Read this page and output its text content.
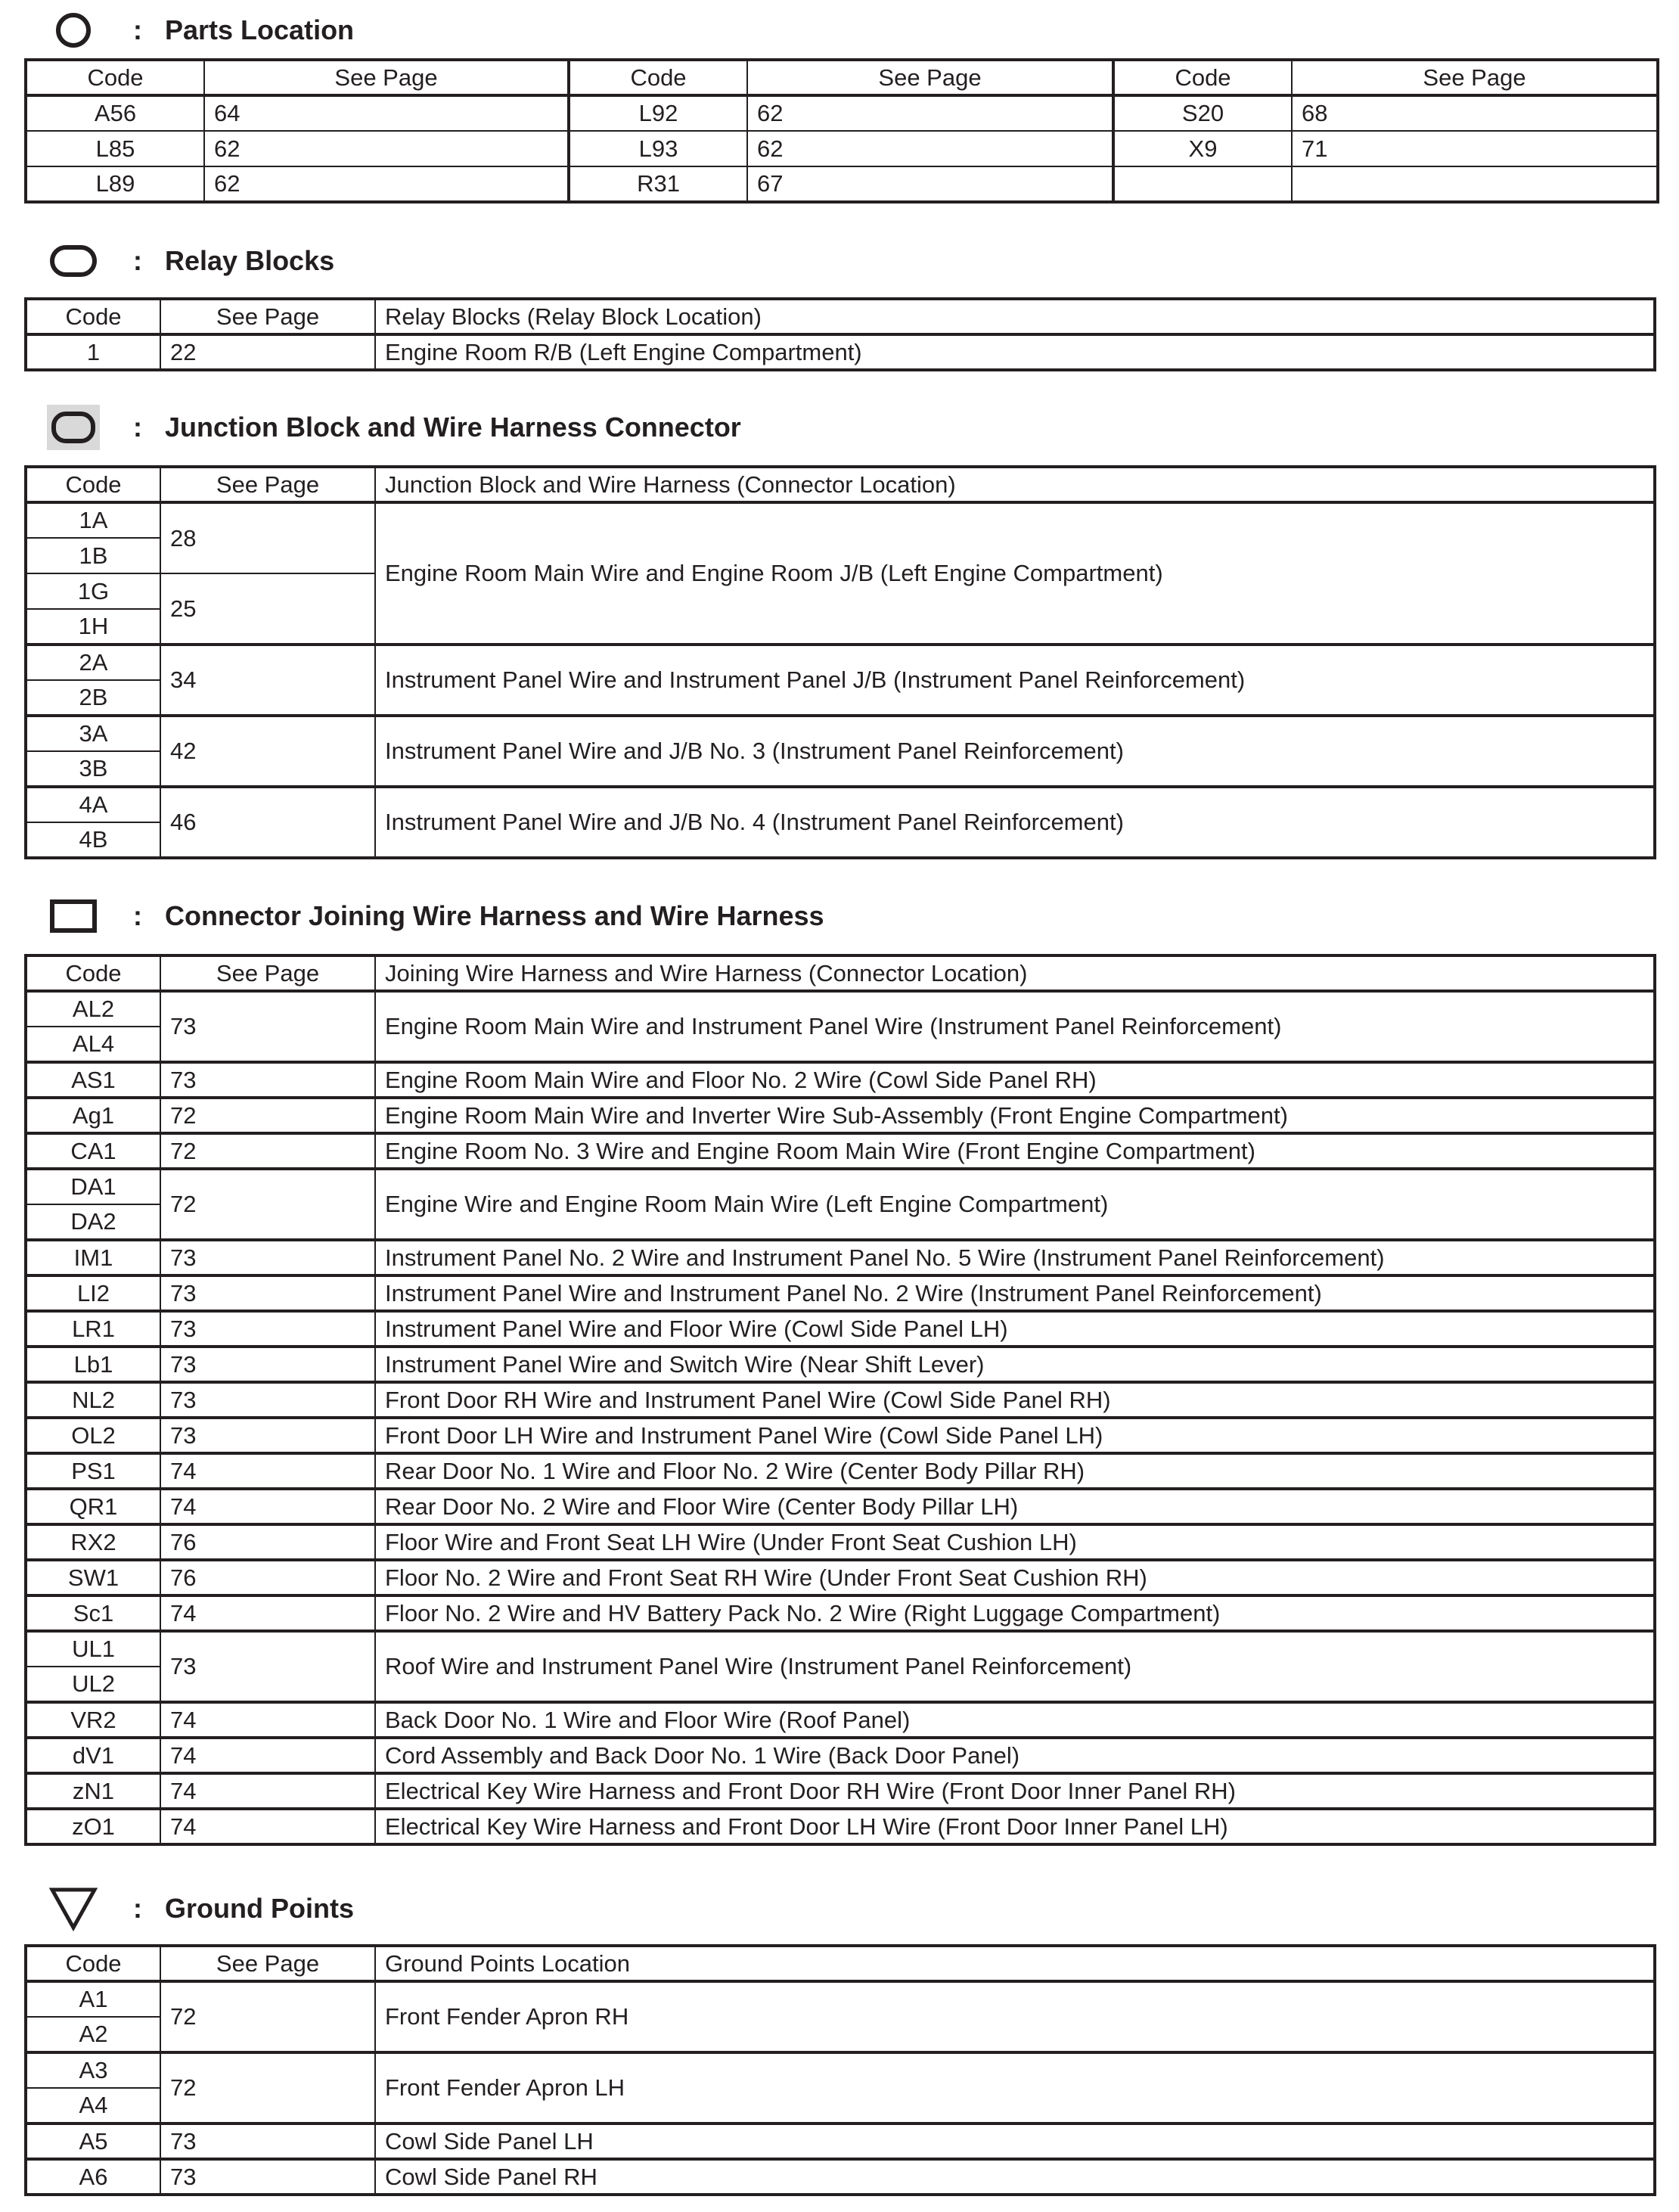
: Parts Location
Code	See Page	Code	See Page	Code	See Page
A56	64	L92	62	S20	68
L85	62	L93	62	X9	71
L89	62	R31	67		
: Relay Blocks
Code	See Page	Relay Blocks (Relay Block Location)
1	22	Engine Room R/B (Left Engine Compartment)
: Junction Block and Wire Harness Connector
Code	See Page	Junction Block and Wire Harness (Connector Location)
1A	28	Engine Room Main Wire and Engine Room J/B (Left Engine Compartment)
1B		
1G	25	
1H		
2A	34	Instrument Panel Wire and Instrument Panel J/B (Instrument Panel Reinforcement)
2B		
3A	42	Instrument Panel Wire and J/B No. 3 (Instrument Panel Reinforcement)
3B		
4A	46	Instrument Panel Wire and J/B No. 4 (Instrument Panel Reinforcement)
4B		
: Connector Joining Wire Harness and Wire Harness
Code	See Page	Joining Wire Harness and Wire Harness (Connector Location)
AL2	73	Engine Room Main Wire and Instrument Panel Wire (Instrument Panel Reinforcement)
AL4		
AS1	73	Engine Room Main Wire and Floor No. 2 Wire (Cowl Side Panel RH)
Ag1	72	Engine Room Main Wire and Inverter Wire Sub-Assembly (Front Engine Compartment)
CA1	72	Engine Room No. 3 Wire and Engine Room Main Wire (Front Engine Compartment)
DA1	72	Engine Wire and Engine Room Main Wire (Left Engine Compartment)
DA2		
IM1	73	Instrument Panel No. 2 Wire and Instrument Panel No. 5 Wire (Instrument Panel Reinforcement)
LI2	73	Instrument Panel Wire and Instrument Panel No. 2 Wire (Instrument Panel Reinforcement)
LR1	73	Instrument Panel Wire and Floor Wire (Cowl Side Panel LH)
Lb1	73	Instrument Panel Wire and Switch Wire (Near Shift Lever)
NL2	73	Front Door RH Wire and Instrument Panel Wire (Cowl Side Panel RH)
OL2	73	Front Door LH Wire and Instrument Panel Wire (Cowl Side Panel LH)
PS1	74	Rear Door No. 1 Wire and Floor No. 2 Wire (Center Body Pillar RH)
QR1	74	Rear Door No. 2 Wire and Floor Wire (Center Body Pillar LH)
RX2	76	Floor Wire and Front Seat LH Wire (Under Front Seat Cushion LH)
SW1	76	Floor No. 2 Wire and Front Seat RH Wire (Under Front Seat Cushion RH)
Sc1	74	Floor No. 2 Wire and HV Battery Pack No. 2 Wire (Right Luggage Compartment)
UL1	73	Roof Wire and Instrument Panel Wire (Instrument Panel Reinforcement)
UL2		
VR2	74	Back Door No. 1 Wire and Floor Wire (Roof Panel)
dV1	74	Cord Assembly and Back Door No. 1 Wire (Back Door Panel)
zN1	74	Electrical Key Wire Harness and Front Door RH Wire (Front Door Inner Panel RH)
zO1	74	Electrical Key Wire Harness and Front Door LH Wire (Front Door Inner Panel LH)
: Ground Points
Code	See Page	Ground Points Location
A1	72	Front Fender Apron RH
A2		
A3	72	Front Fender Apron LH
A4		
A5	73	Cowl Side Panel LH
A6	73	Cowl Side Panel RH
